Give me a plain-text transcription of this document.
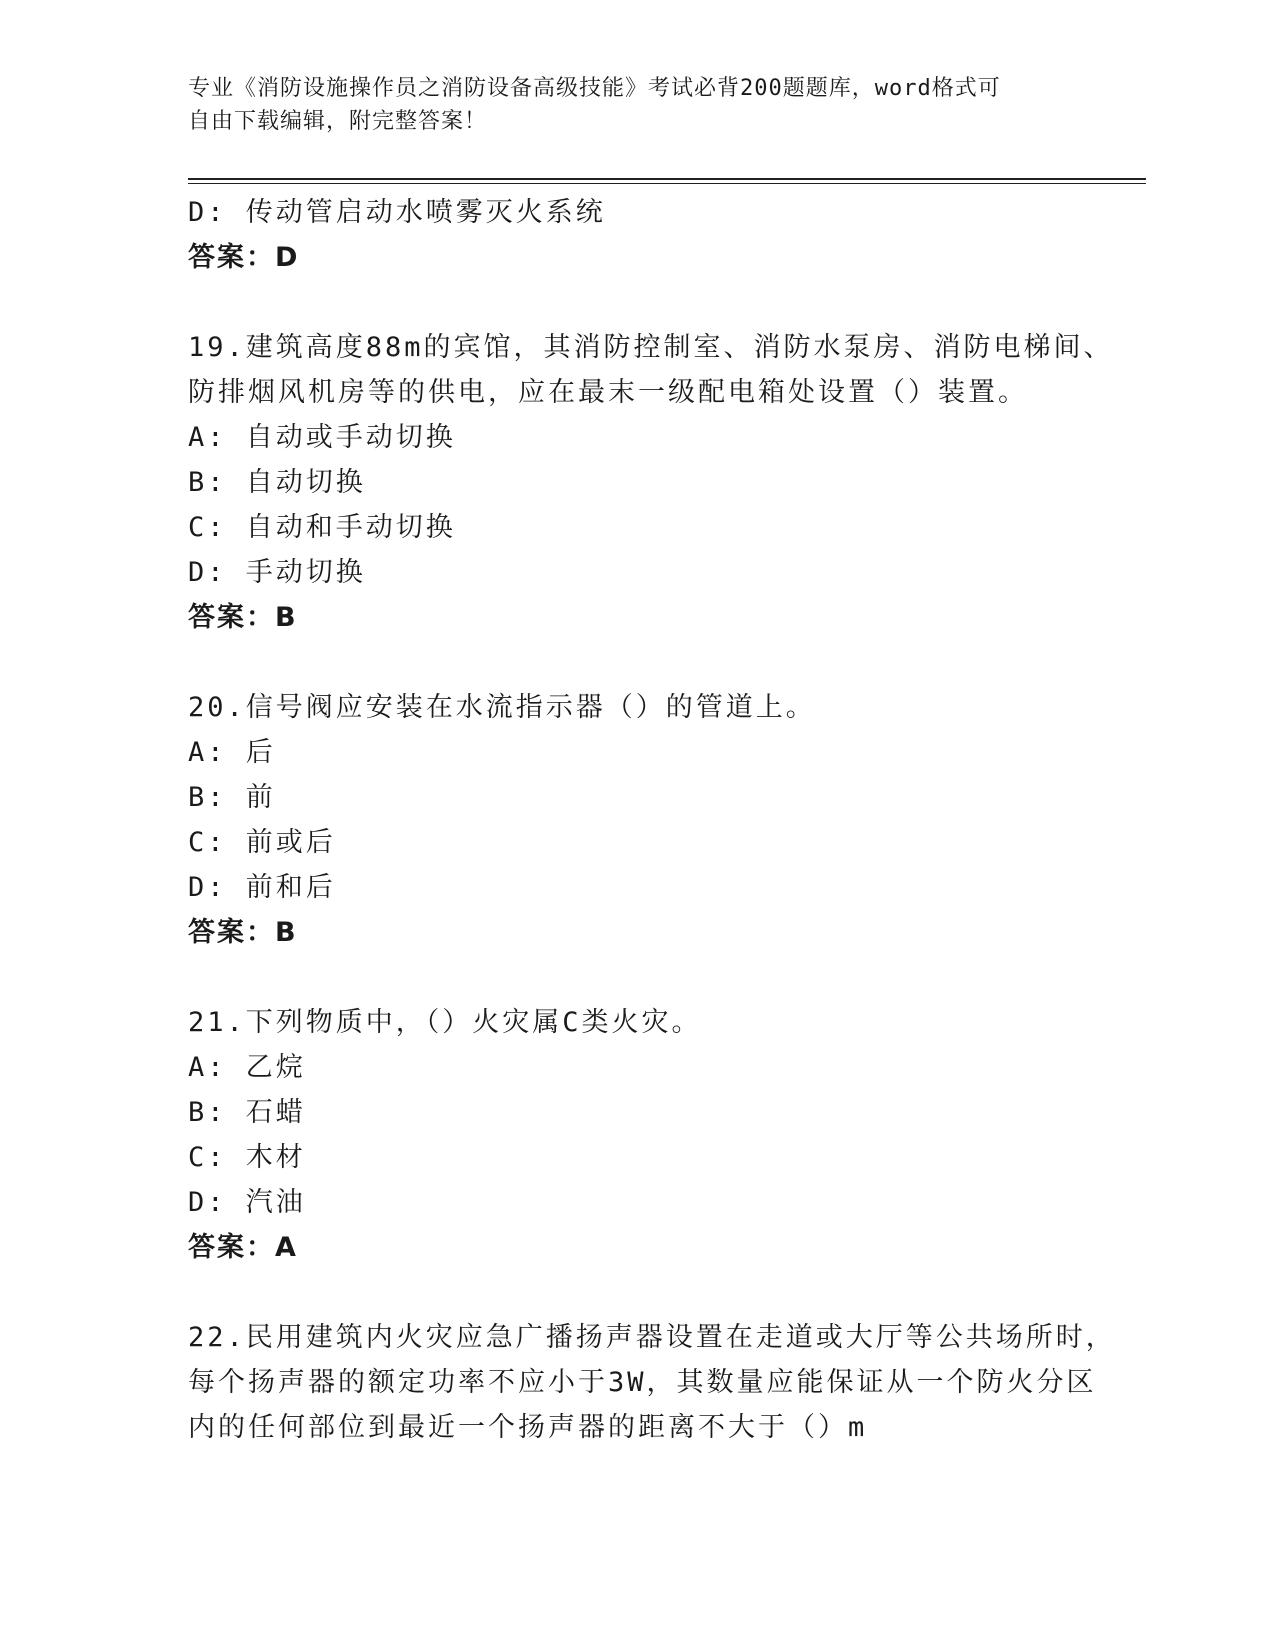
专业《消防设施操作员之消防设备高级技能》考试必背200题题库，word格式可
自由下载编辑，附完整答案！
D: 传动管启动水喷雾灭火系统
答案：D
19.建筑高度88m的宾馆，其消防控制室、消防水泵房、消防电梯间、
防排烟风机房等的供电，应在最末一级配电箱处设置（）装置。
A: 自动或手动切换
B: 自动切换
C: 自动和手动切换
D: 手动切换
答案：B
20.信号阀应安装在水流指示器（）的管道上。
A: 后
B: 前
C: 前或后
D: 前和后
答案：B
21.下列物质中，（）火灾属C类火灾。
A: 乙烷
B: 石蜡
C: 木材
D: 汽油
答案：A
22.民用建筑内火灾应急广播扬声器设置在走道或大厅等公共场所时，
每个扬声器的额定功率不应小于3W，其数量应能保证从一个防火分区
内的任何部位到最近一个扬声器的距离不大于（）m
